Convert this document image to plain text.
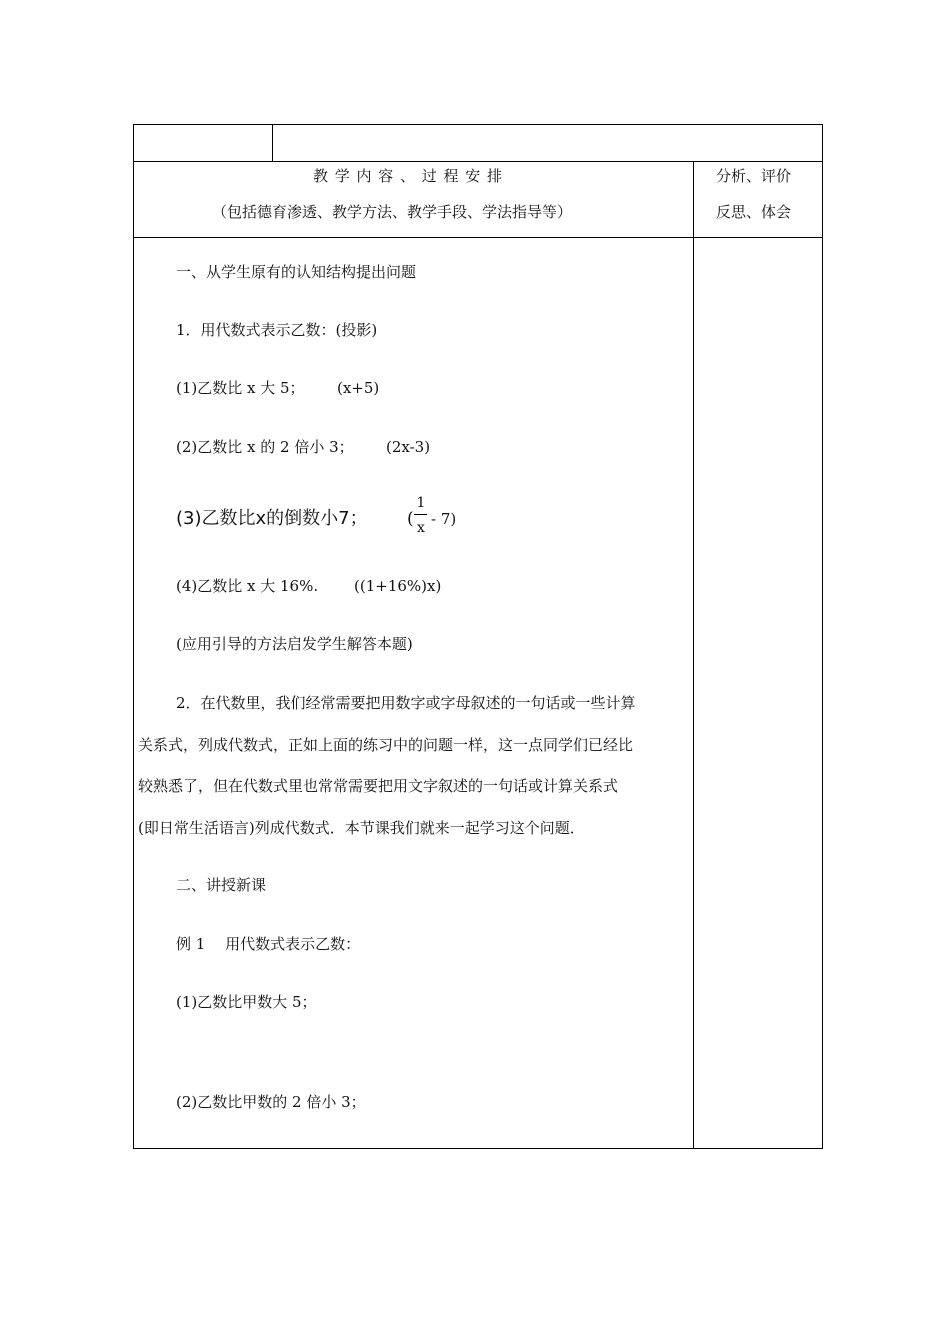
教学内容、过程安排
（包括德育渗透、教学方法、教学手段、学法指导等）
分析、评价
反思、体会
一、从学生原有的认知结构提出问题
1．用代数式表示乙数：(投影)
(1)乙数比 x 大 5； (x+5)
(2)乙数比 x 的 2 倍小 3； (2x-3)
(3)乙数比x的倒数小7； (
1
x - 7)
(4)乙数比 x 大 16%. ((1+16%)x)
(应用引导的方法启发学生解答本题)
2．在代数里，我们经常需要把用数字或字母叙述的一句话或一些计算
关系式，列成代数式，正如上面的练习中的问题一样，这一点同学们已经比
较熟悉了，但在代数式里也常常需要把用文字叙述的一句话或计算关系式
(即日常生活语言)列成代数式．本节课我们就来一起学习这个问题．
二、讲授新课
例 1　 用代数式表示乙数：
(1)乙数比甲数大 5；
(2)乙数比甲数的 2 倍小 3；
